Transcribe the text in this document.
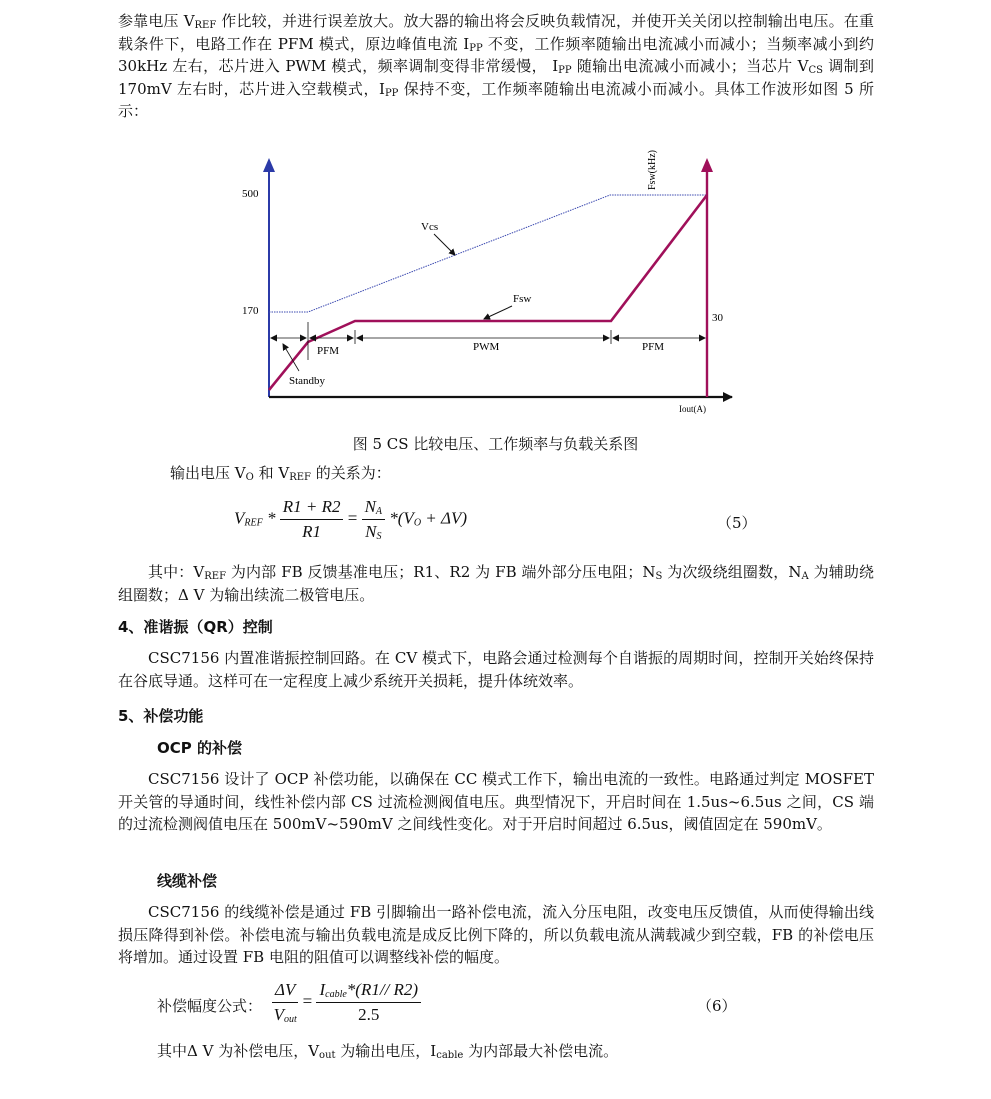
参靠电压 $V_{REF}$ 作比较，并进行误差放大。放大器的输出将会反映负载情况，并使开关关闭以控制输出电压。在重载条件下，电路工作在 PFM 模式，原边峰值电流 $I_{PP}$ 不变，工作频率随输出电流减小而减小；当频率减小到约 30kHz 左右，芯片进入 PWM 模式，频率调制变得非常缓慢， $I_{PP}$ 随输出电流减小而减小；当芯片 $V_{CS}$ 调制到 170mV 左右时，芯片进入空载模式，$I_{PP}$ 保持不变，工作频率随输出电流减小而减小。具体工作波形如图 5 所示：

500
170
30
Fsw(kHz)
Iout(A)
Vcs
Fsw
PFM	PWM	PFM
Standby

图 5 CS 比较电压、工作频率与负载关系图

输出电压 $V_O$ 和 $V_{REF}$ 的关系为：

$V_{REF} * \frac{R1 + R2}{R1} = \frac{N_A}{N_S} *(V_O + \Delta V)$	（5）

其中：$V_{REF}$ 为内部 FB 反馈基准电压；R1、R2 为 FB 端外部分压电阻；$N_S$ 为次级绕组圈数，$N_A$ 为辅助绕组圈数；Δ V 为输出续流二极管电压。

4、准谐振（QR）控制

CSC7156 内置准谐振控制回路。在 CV 模式下，电路会通过检测每个自谐振的周期时间，控制开关始终保持在谷底导通。这样可在一定程度上减少系统开关损耗，提升体统效率。

5、补偿功能

OCP 的补偿

CSC7156 设计了 OCP 补偿功能，以确保在 CC 模式工作下，输出电流的一致性。电路通过判定 MOSFET 开关管的导通时间，线性补偿内部 CS 过流检测阀值电压。典型情况下，开启时间在 1.5us~6.5us 之间，CS 端的过流检测阀值电压在 500mV~590mV 之间线性变化。对于开启时间超过 6.5us，阈值固定在 590mV。

线缆补偿

CSC7156 的线缆补偿是通过 FB 引脚输出一路补偿电流，流入分压电阻，改变电压反馈值，从而使得输出线损压降得到补偿。补偿电流与输出负载电流是成反比例下降的，所以负载电流从满载减少到空载，FB 的补偿电压将增加。通过设置 FB 电阻的阻值可以调整线补偿的幅度。

补偿幅度公式： $\frac{\Delta V}{V_{out}} = \frac{I_{cable}*(R1// R2)}{2.5}$	（6）

其中Δ V 为补偿电压，$V_{out}$ 为输出电压，$I_{cable}$ 为内部最大补偿电流。
